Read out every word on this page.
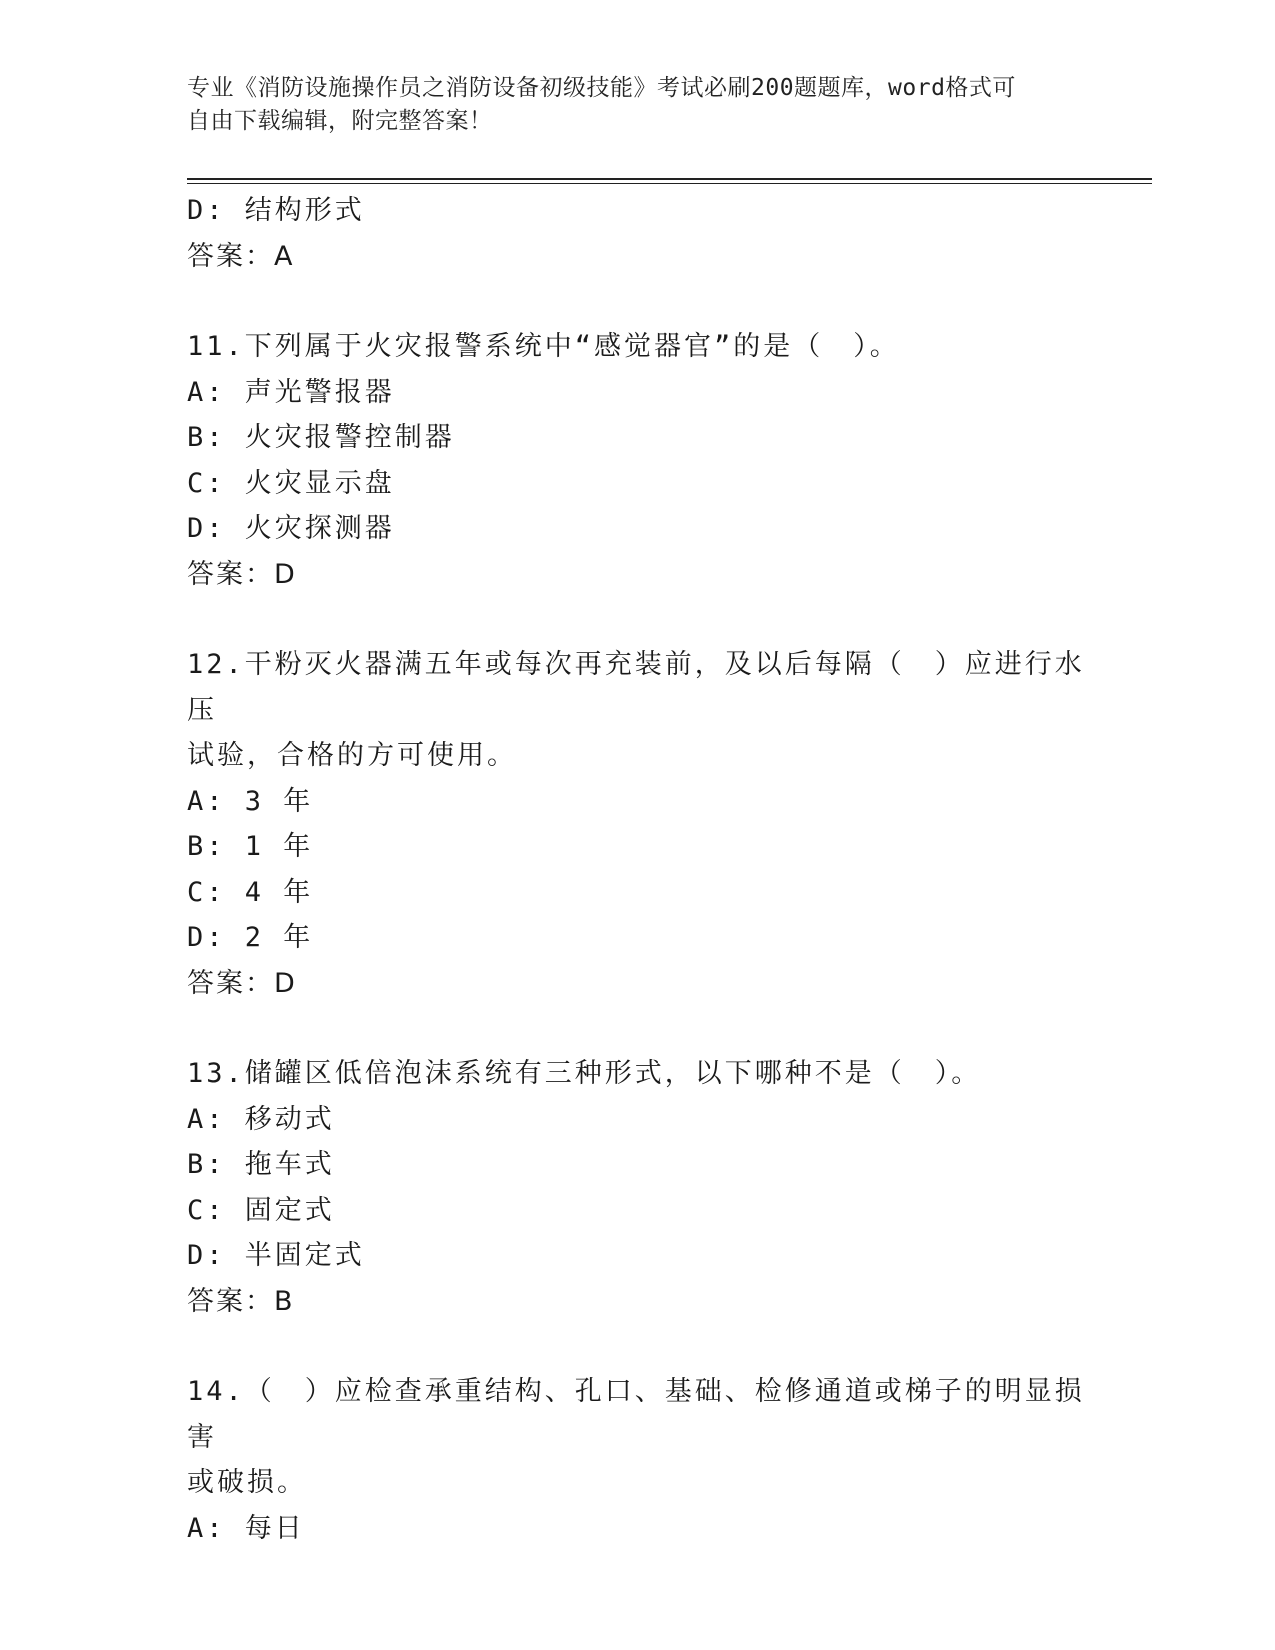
专业《消防设施操作员之消防设备初级技能》考试必刷200题题库，word格式可
自由下载编辑，附完整答案！
D: 结构形式
答案：A
11.下列属于火灾报警系统中“感觉器官”的是（　）。
A: 声光警报器
B: 火灾报警控制器
C: 火灾显示盘
D: 火灾探测器
答案：D
12.干粉灭火器满五年或每次再充装前，及以后每隔（　）应进行水压
试验，合格的方可使用。
A: 3 年
B: 1 年
C: 4 年
D: 2 年
答案：D
13.储罐区低倍泡沫系统有三种形式，以下哪种不是（　）。
A: 移动式
B: 拖车式
C: 固定式
D: 半固定式
答案：B
14.（　）应检查承重结构、孔口、基础、检修通道或梯子的明显损害
或破损。
A: 每日
